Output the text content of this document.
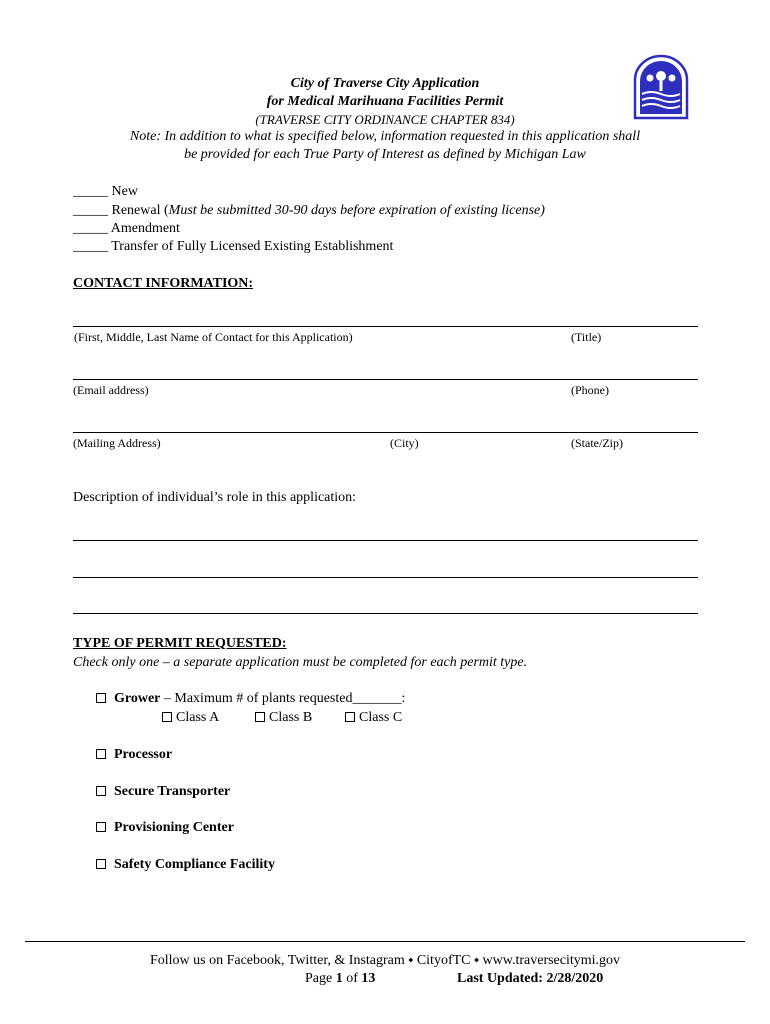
City of Traverse City Application
for Medical Marihuana Facilities Permit
(TRAVERSE CITY ORDINANCE CHAPTER 834)
Note: In addition to what is specified below, information requested in this application shall
be provided for each True Party of Interest as defined by Michigan Law
_____ New
_____ Renewal (Must be submitted 30-90 days before expiration of existing license)
_____ Amendment
_____ Transfer of Fully Licensed Existing Establishment
CONTACT INFORMATION:
(First, Middle, Last Name of Contact for this Application)	(Title)
(Email address)	(Phone)
(Mailing Address)	(City)	(State/Zip)
Description of individual’s role in this application:
TYPE OF PERMIT REQUESTED:
Check only one – a separate application must be completed for each permit type.
Grower – Maximum # of plants requested_______:
Class A	Class B	Class C
Processor
Secure Transporter
Provisioning Center
Safety Compliance Facility
Follow us on Facebook, Twitter, & Instagram ⬩ CityofTC ⬩ www.traversecitymi.gov
Page 1 of 13	Last Updated: 2/28/2020
